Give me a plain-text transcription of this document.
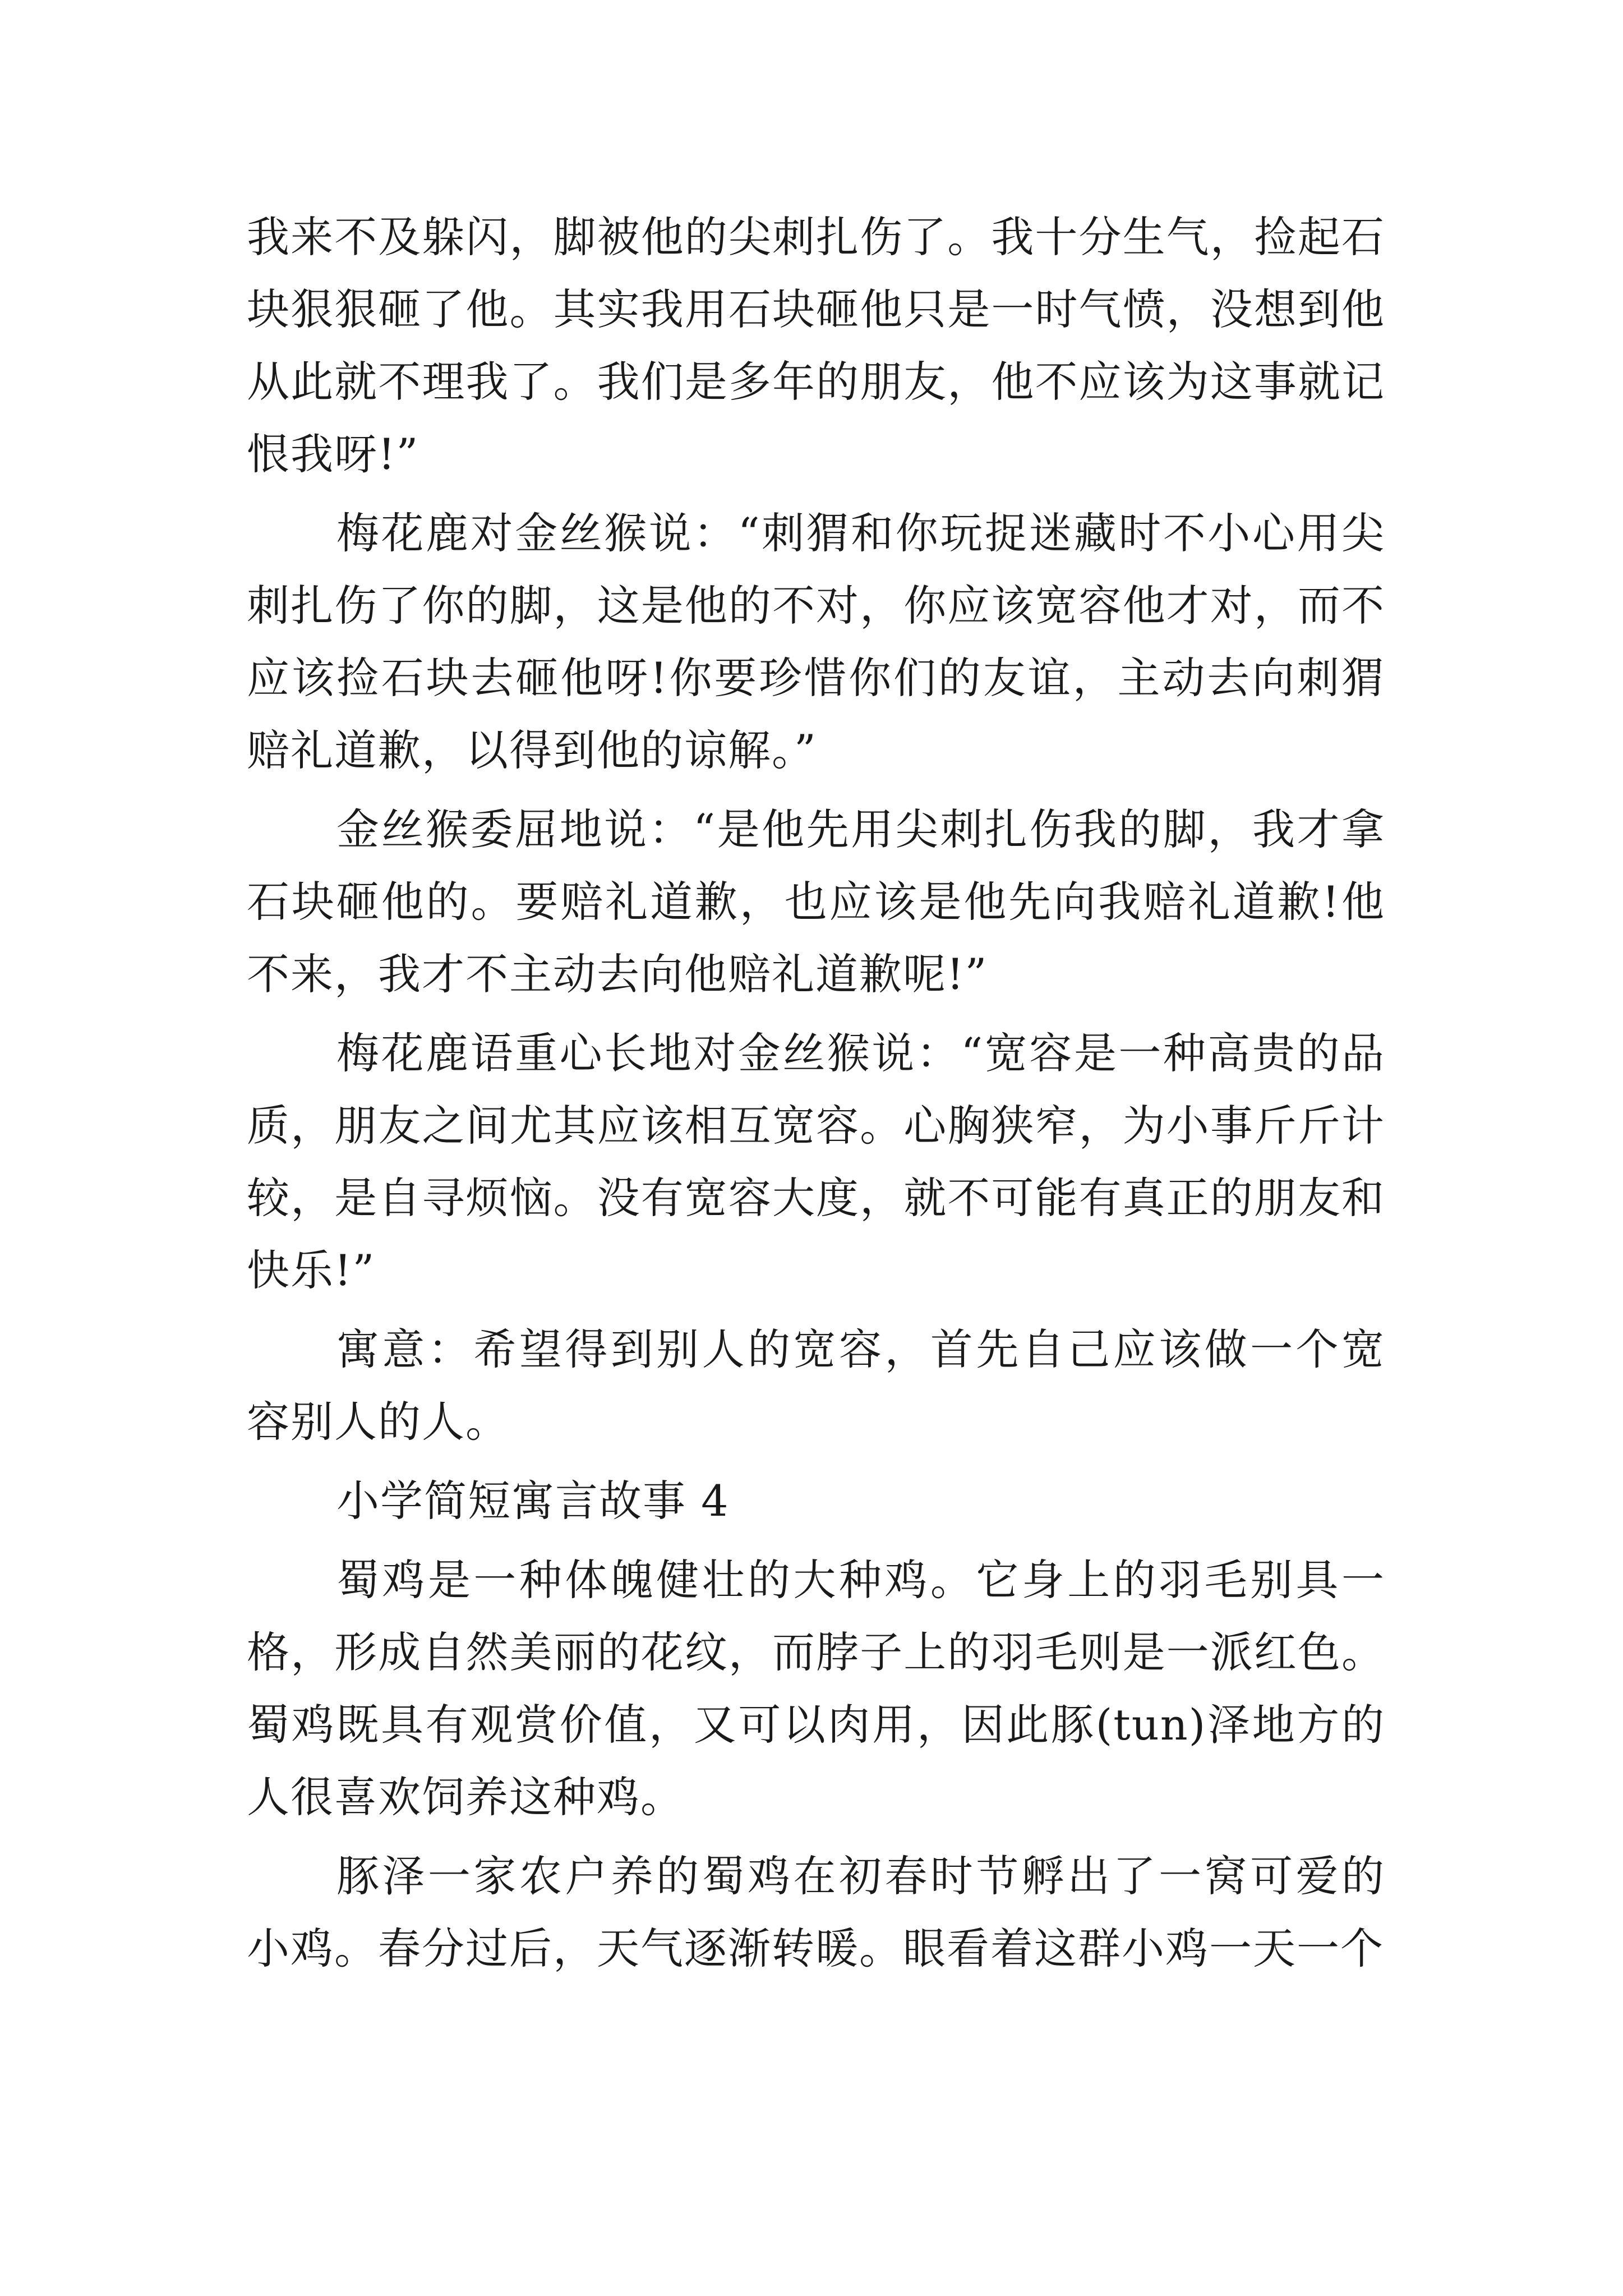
我来不及躲闪，脚被他的尖刺扎伤了。我十分生气，捡起石块狠狠砸了他。其实我用石块砸他只是一时气愤，没想到他从此就不理我了。我们是多年的朋友，他不应该为这事就记恨我呀!”

梅花鹿对金丝猴说：“刺猬和你玩捉迷藏时不小心用尖刺扎伤了你的脚，这是他的不对，你应该宽容他才对，而不应该捡石块去砸他呀!你要珍惜你们的友谊，主动去向刺猬赔礼道歉，以得到他的谅解。”

金丝猴委屈地说：“是他先用尖刺扎伤我的脚，我才拿石块砸他的。要赔礼道歉，也应该是他先向我赔礼道歉!他不来，我才不主动去向他赔礼道歉呢!”

梅花鹿语重心长地对金丝猴说：“宽容是一种高贵的品质，朋友之间尤其应该相互宽容。心胸狭窄，为小事斤斤计较，是自寻烦恼。没有宽容大度，就不可能有真正的朋友和快乐!”

寓意：希望得到别人的宽容，首先自己应该做一个宽容别人的人。

小学简短寓言故事 4

蜀鸡是一种体魄健壮的大种鸡。它身上的羽毛别具一格，形成自然美丽的花纹，而脖子上的羽毛则是一派红色。蜀鸡既具有观赏价值，又可以肉用，因此豚(tun)泽地方的人很喜欢饲养这种鸡。

豚泽一家农户养的蜀鸡在初春时节孵出了一窝可爱的小鸡。春分过后，天气逐渐转暖。眼看着这群小鸡一天一个
